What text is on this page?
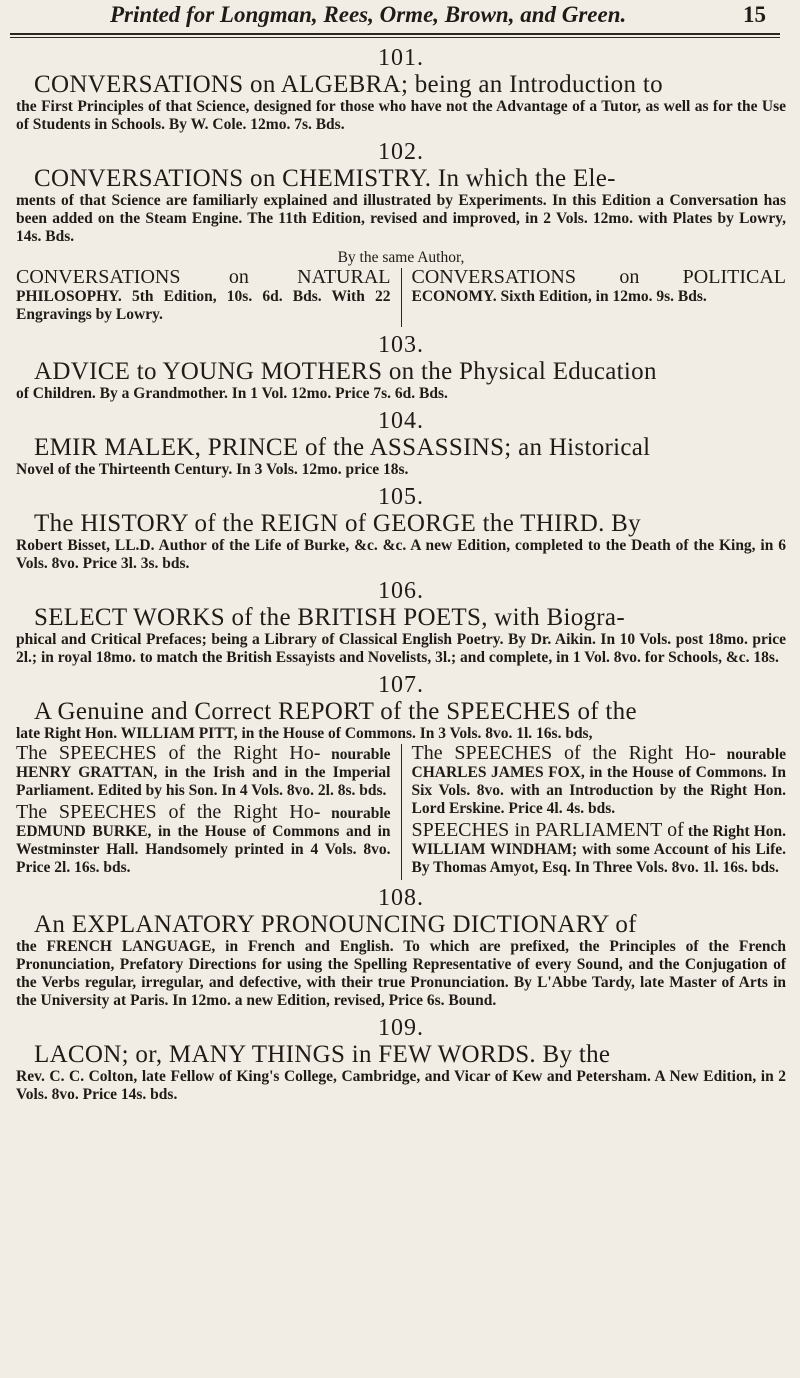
Printed for Longman, Rees, Orme, Brown, and Green.	15
101.
CONVERSATIONS on ALGEBRA; being an Introduction to
the First Principles of that Science, designed for those who have not the Advantage of a Tutor, as well as for the Use of Students in Schools. By W. Cole. 12mo. 7s. Bds.
102.
CONVERSATIONS on CHEMISTRY. In which the Ele-
ments of that Science are familiarly explained and illustrated by Experiments. In this Edition a Conversation has been added on the Steam Engine. The 11th Edition, revised and improved, in 2 Vols. 12mo. with Plates by Lowry, 14s. Bds.
By the same Author,
CONVERSATIONS on NATURAL PHILOSOPHY. 5th Edition, 10s. 6d. Bds. With 22 Engravings by Lowry.
CONVERSATIONS on POLITICAL ECONOMY. Sixth Edition, in 12mo. 9s. Bds.
103.
ADVICE to YOUNG MOTHERS on the Physical Education
of Children. By a Grandmother. In 1 Vol. 12mo. Price 7s. 6d. Bds.
104.
EMIR MALEK, PRINCE of the ASSASSINS; an Historical
Novel of the Thirteenth Century. In 3 Vols. 12mo. price 18s.
105.
The HISTORY of the REIGN of GEORGE the THIRD. By
Robert Bisset, LL.D. Author of the Life of Burke, &c. &c. A new Edition, completed to the Death of the King, in 6 Vols. 8vo. Price 3l. 3s. bds.
106.
SELECT WORKS of the BRITISH POETS, with Biogra-
phical and Critical Prefaces; being a Library of Classical English Poetry. By Dr. Aikin. In 10 Vols. post 18mo. price 2l.; in royal 18mo. to match the British Essayists and Novelists, 3l.; and complete, in 1 Vol. 8vo. for Schools, &c. 18s.
107.
A Genuine and Correct REPORT of the SPEECHES of the
late Right Hon. WILLIAM PITT, in the House of Commons. In 3 Vols. 8vo. 1l. 16s. bds,
The SPEECHES of the Right Ho- nourable HENRY GRATTAN, in the Irish and in the Imperial Parliament. Edited by his Son. In 4 Vols. 8vo. 2l. 8s. bds.
The SPEECHES of the Right Ho- nourable EDMUND BURKE, in the House of Commons and in Westminster Hall. Handsomely printed in 4 Vols. 8vo. Price 2l. 16s. bds.
The SPEECHES of the Right Ho- nourable CHARLES JAMES FOX, in the House of Commons. In Six Vols. 8vo. with an Introduction by the Right Hon. Lord Erskine. Price 4l. 4s. bds.
SPEECHES in PARLIAMENT of the Right Hon. WILLIAM WINDHAM; with some Account of his Life. By Thomas Amyot, Esq. In Three Vols. 8vo. 1l. 16s. bds.
108.
An EXPLANATORY PRONOUNCING DICTIONARY of
the FRENCH LANGUAGE, in French and English. To which are prefixed, the Principles of the French Pronunciation, Prefatory Directions for using the Spelling Representative of every Sound, and the Conjugation of the Verbs regular, irregular, and defective, with their true Pronunciation. By L'Abbe Tardy, late Master of Arts in the University at Paris. In 12mo. a new Edition, revised, Price 6s. Bound.
109.
LACON; or, MANY THINGS in FEW WORDS. By the
Rev. C. C. Colton, late Fellow of King's College, Cambridge, and Vicar of Kew and Petersham. A New Edition, in 2 Vols. 8vo. Price 14s. bds.
